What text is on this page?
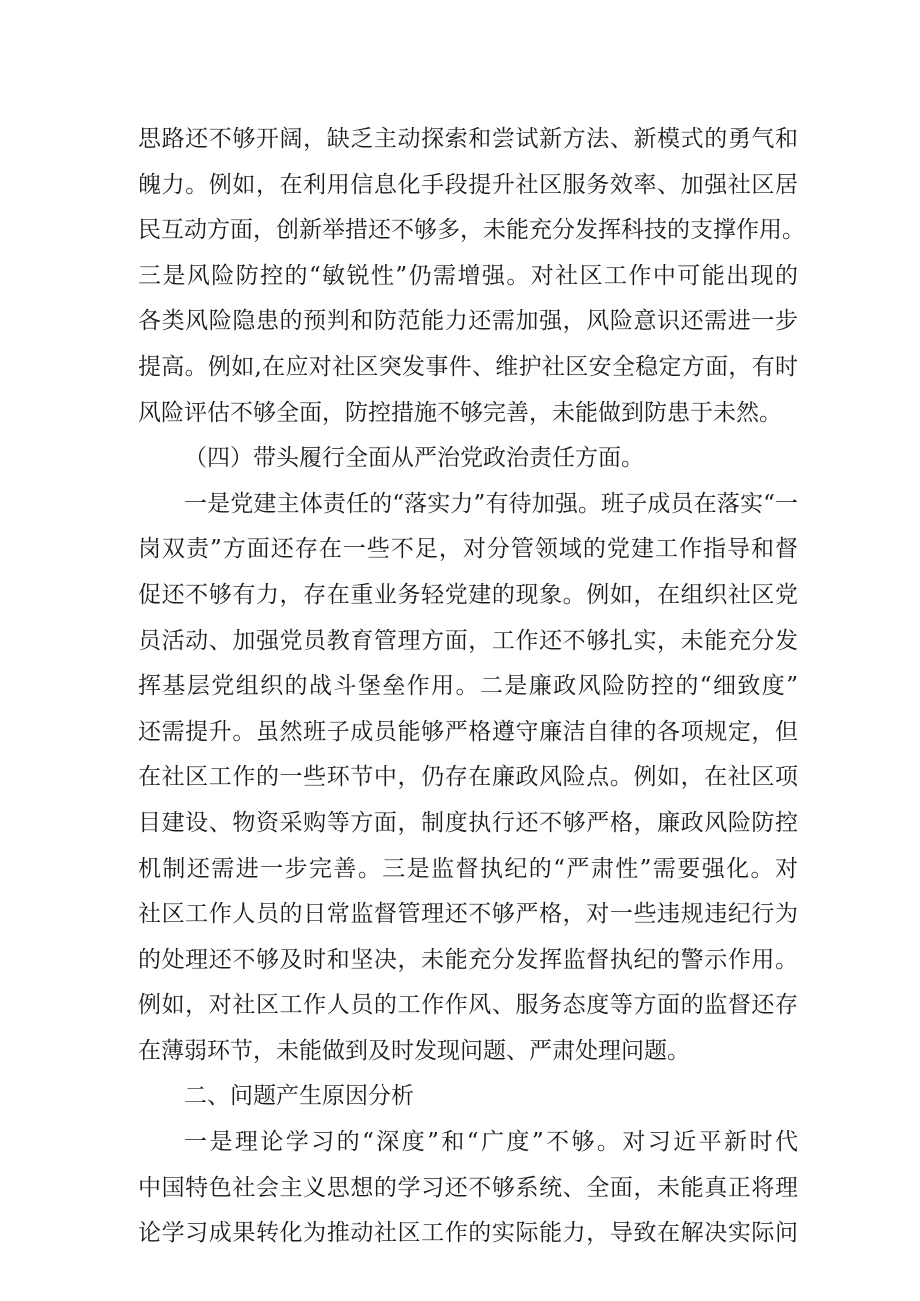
思路还不够开阔，缺乏主动探索和尝试新方法、新模式的勇气和
魄力。例如，在利用信息化手段提升社区服务效率、加强社区居
民互动方面，创新举措还不够多，未能充分发挥科技的支撑作用。
三是风险防控的“敏锐性”仍需增强。对社区工作中可能出现的
各类风险隐患的预判和防范能力还需加强，风险意识还需进一步
提高。例如,在应对社区突发事件、维护社区安全稳定方面，有时
风险评估不够全面，防控措施不够完善，未能做到防患于未然。
（四）带头履行全面从严治党政治责任方面。
一是党建主体责任的“落实力”有待加强。班子成员在落实“一
岗双责”方面还存在一些不足，对分管领域的党建工作指导和督
促还不够有力，存在重业务轻党建的现象。例如，在组织社区党
员活动、加强党员教育管理方面，工作还不够扎实，未能充分发
挥基层党组织的战斗堡垒作用。二是廉政风险防控的“细致度”
还需提升。虽然班子成员能够严格遵守廉洁自律的各项规定，但
在社区工作的一些环节中，仍存在廉政风险点。例如，在社区项
目建设、物资采购等方面，制度执行还不够严格，廉政风险防控
机制还需进一步完善。三是监督执纪的“严肃性”需要强化。对
社区工作人员的日常监督管理还不够严格，对一些违规违纪行为
的处理还不够及时和坚决，未能充分发挥监督执纪的警示作用。
例如，对社区工作人员的工作作风、服务态度等方面的监督还存
在薄弱环节，未能做到及时发现问题、严肃处理问题。
二、问题产生原因分析
一是理论学习的“深度”和“广度”不够。对习近平新时代
中国特色社会主义思想的学习还不够系统、全面，未能真正将理
论学习成果转化为推动社区工作的实际能力，导致在解决实际问
